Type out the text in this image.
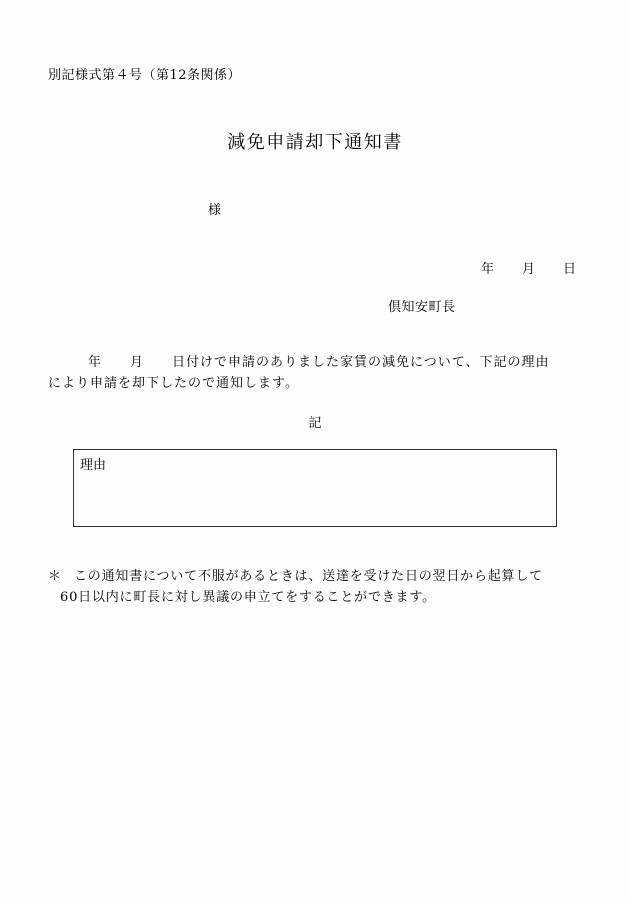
別記様式第４号（第12条関係）
減免申請却下通知書
様
年 月 日
倶知安町長
年 月 日付けで申請のありました家賃の減免について、下記の理由
により申請を却下したので通知します。
記
理由
＊ この通知書について不服があるときは、送達を受けた日の翌日から起算して
60日以内に町長に対し異議の申立てをすることができます。
